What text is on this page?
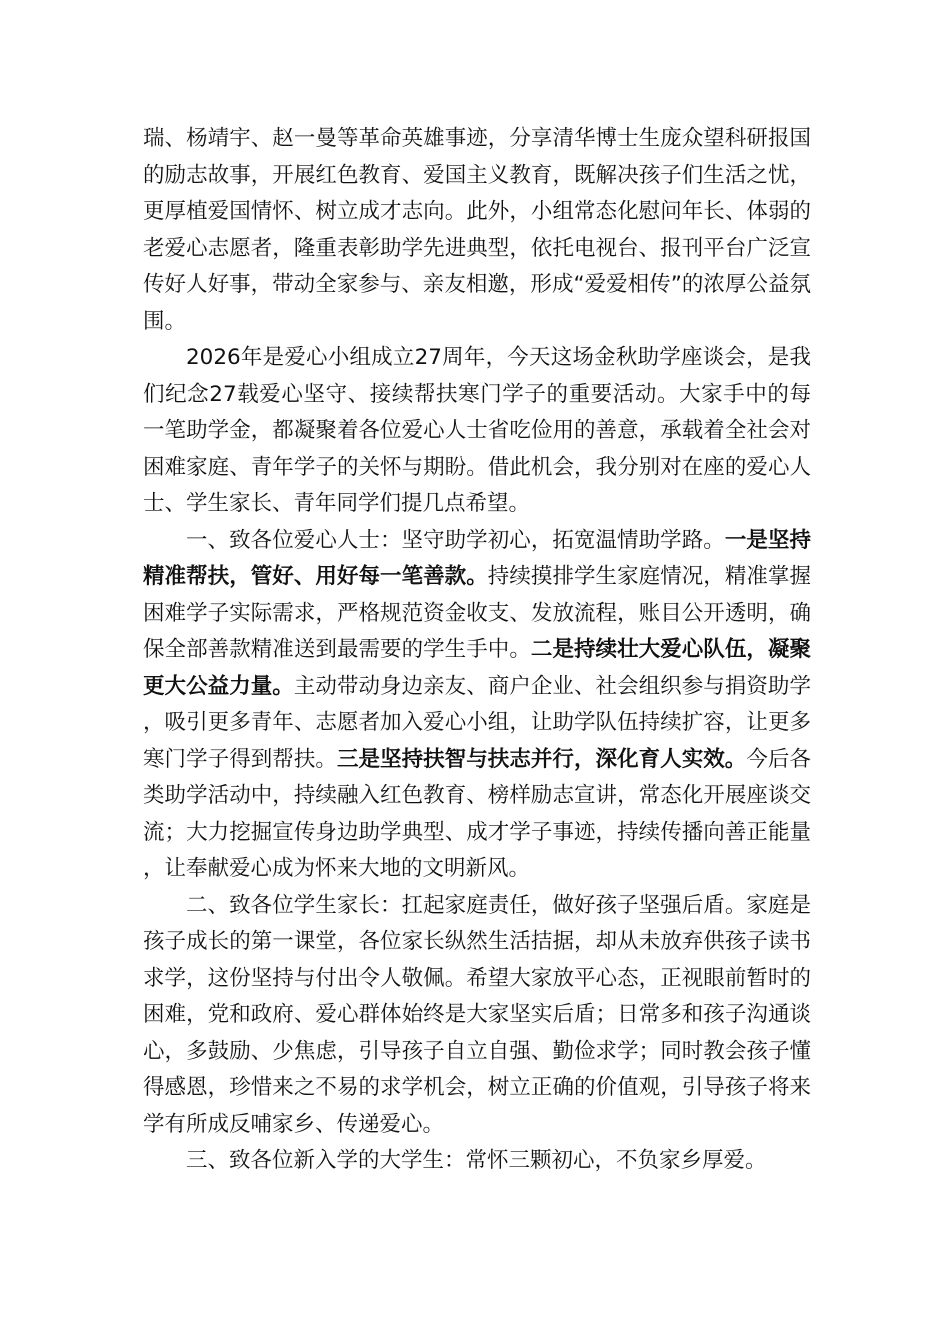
瑞、杨靖宇、赵一曼等革命英雄事迹，分享清华博士生庞众望科研报国的励志故事，开展红色教育、爱国主义教育，既解决孩子们生活之忧，更厚植爱国情怀、树立成才志向。此外，小组常态化慰问年长、体弱的老爱心志愿者，隆重表彰助学先进典型，依托电视台、报刊平台广泛宣传好人好事，带动全家参与、亲友相邀，形成“爱爱相传”的浓厚公益氛围。

2026年是爱心小组成立27周年，今天这场金秋助学座谈会，是我们纪念27载爱心坚守、接续帮扶寒门学子的重要活动。大家手中的每一笔助学金，都凝聚着各位爱心人士省吃俭用的善意，承载着全社会对困难家庭、青年学子的关怀与期盼。借此机会，我分别对在座的爱心人士、学生家长、青年同学们提几点希望。

一、致各位爱心人士：坚守助学初心，拓宽温情助学路。一是坚持精准帮扶，管好、用好每一笔善款。持续摸排学生家庭情况，精准掌握困难学子实际需求，严格规范资金收支、发放流程，账目公开透明，确保全部善款精准送到最需要的学生手中。二是持续壮大爱心队伍，凝聚更大公益力量。主动带动身边亲友、商户企业、社会组织参与捐资助学，吸引更多青年、志愿者加入爱心小组，让助学队伍持续扩容，让更多寒门学子得到帮扶。三是坚持扶智与扶志并行，深化育人实效。今后各类助学活动中，持续融入红色教育、榜样励志宣讲，常态化开展座谈交流；大力挖掘宣传身边助学典型、成才学子事迹，持续传播向善正能量，让奉献爱心成为怀来大地的文明新风。

二、致各位学生家长：扛起家庭责任，做好孩子坚强后盾。家庭是孩子成长的第一课堂，各位家长纵然生活拮据，却从未放弃供孩子读书求学，这份坚持与付出令人敬佩。希望大家放平心态，正视眼前暂时的困难，党和政府、爱心群体始终是大家坚实后盾；日常多和孩子沟通谈心，多鼓励、少焦虑，引导孩子自立自强、勤俭求学；同时教会孩子懂得感恩，珍惜来之不易的求学机会，树立正确的价值观，引导孩子将来学有所成反哺家乡、传递爱心。

三、致各位新入学的大学生：常怀三颗初心，不负家乡厚爱。
